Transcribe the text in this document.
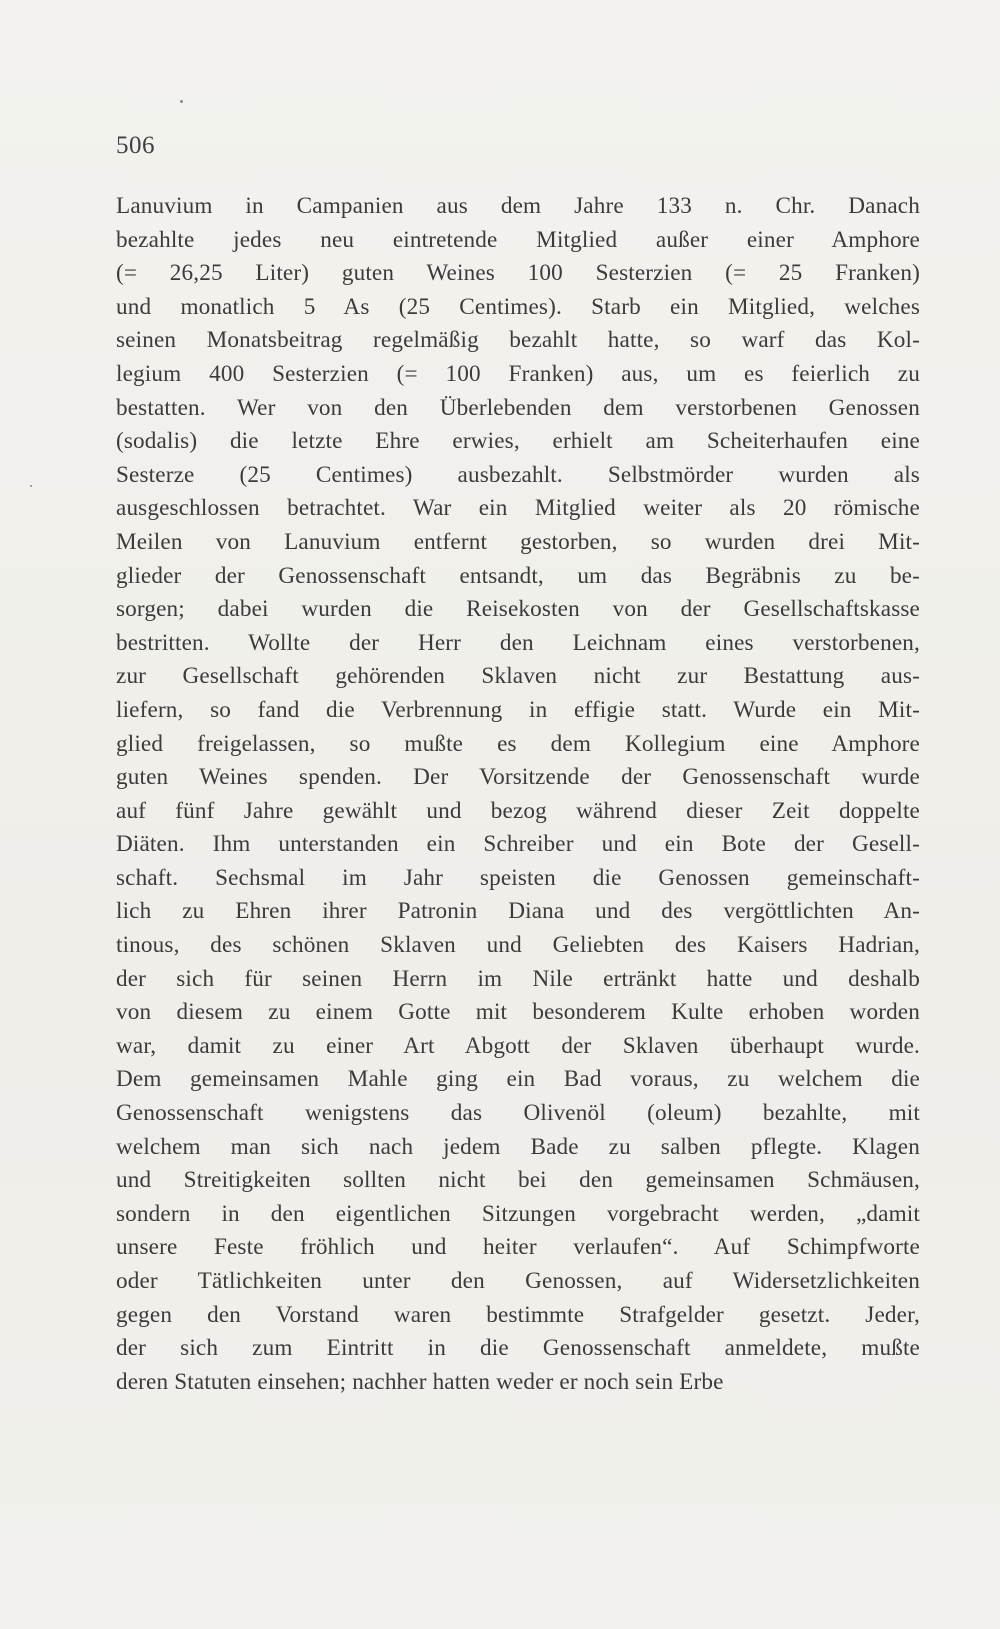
506
Lanuvium in Campanien aus dem Jahre 133 n. Chr. Danach
bezahlte jedes neu eintretende Mitglied außer einer Amphore
(= 26,25 Liter) guten Weines 100 Sesterzien (= 25 Franken)
und monatlich 5 As (25 Centimes). Starb ein Mitglied, welches
seinen Monatsbeitrag regelmäßig bezahlt hatte, so warf das Kol-
legium 400 Sesterzien (= 100 Franken) aus, um es feierlich zu
bestatten. Wer von den Überlebenden dem verstorbenen Genossen
(sodalis) die letzte Ehre erwies, erhielt am Scheiterhaufen eine
Sesterze (25 Centimes) ausbezahlt. Selbstmörder wurden als
ausgeschlossen betrachtet. War ein Mitglied weiter als 20 römische
Meilen von Lanuvium entfernt gestorben, so wurden drei Mit-
glieder der Genossenschaft entsandt, um das Begräbnis zu be-
sorgen; dabei wurden die Reisekosten von der Gesellschaftskasse
bestritten. Wollte der Herr den Leichnam eines verstorbenen,
zur Gesellschaft gehörenden Sklaven nicht zur Bestattung aus-
liefern, so fand die Verbrennung in effigie statt. Wurde ein Mit-
glied freigelassen, so mußte es dem Kollegium eine Amphore
guten Weines spenden. Der Vorsitzende der Genossenschaft wurde
auf fünf Jahre gewählt und bezog während dieser Zeit doppelte
Diäten. Ihm unterstanden ein Schreiber und ein Bote der Gesell-
schaft. Sechsmal im Jahr speisten die Genossen gemeinschaft-
lich zu Ehren ihrer Patronin Diana und des vergöttlichten An-
tinous, des schönen Sklaven und Geliebten des Kaisers Hadrian,
der sich für seinen Herrn im Nile ertränkt hatte und deshalb
von diesem zu einem Gotte mit besonderem Kulte erhoben worden
war, damit zu einer Art Abgott der Sklaven überhaupt wurde.
Dem gemeinsamen Mahle ging ein Bad voraus, zu welchem die
Genossenschaft wenigstens das Olivenöl (oleum) bezahlte, mit
welchem man sich nach jedem Bade zu salben pflegte. Klagen
und Streitigkeiten sollten nicht bei den gemeinsamen Schmäusen,
sondern in den eigentlichen Sitzungen vorgebracht werden, „damit
unsere Feste fröhlich und heiter verlaufen“. Auf Schimpfworte
oder Tätlichkeiten unter den Genossen, auf Widersetzlichkeiten
gegen den Vorstand waren bestimmte Strafgelder gesetzt. Jeder,
der sich zum Eintritt in die Genossenschaft anmeldete, mußte
deren Statuten einsehen; nachher hatten weder er noch sein Erbe
